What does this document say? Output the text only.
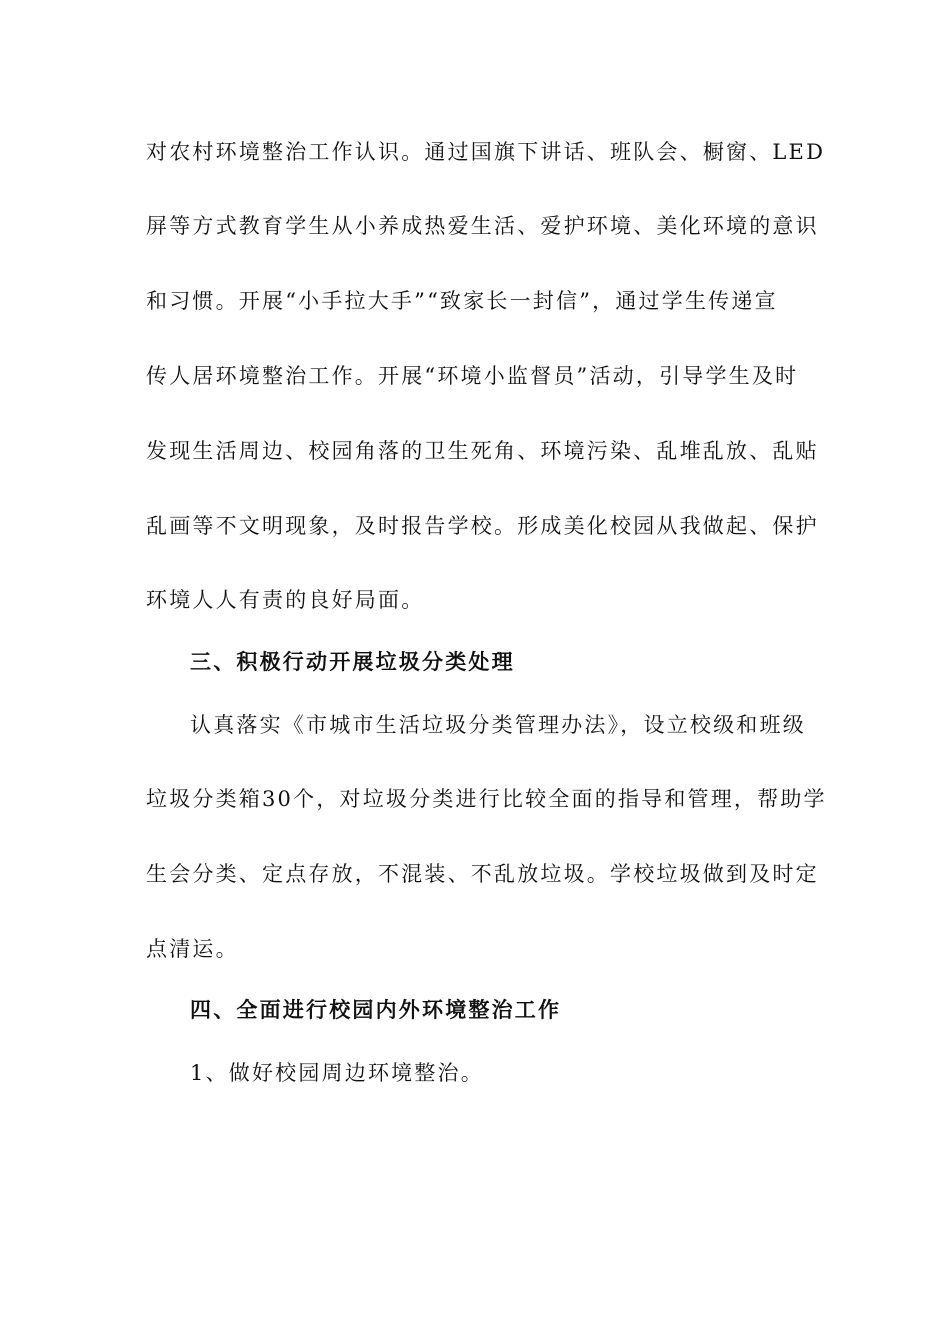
对农村环境整治工作认识。通过国旗下讲话、班队会、橱窗、LED
屏等方式教育学生从小养成热爱生活、爱护环境、美化环境的意识
和习惯。开展“小手拉大手”“致家长一封信”，通过学生传递宣
传人居环境整治工作。开展“环境小监督员”活动，引导学生及时
发现生活周边、校园角落的卫生死角、环境污染、乱堆乱放、乱贴
乱画等不文明现象，及时报告学校。形成美化校园从我做起、保护
环境人人有责的良好局面。
三、积极行动开展垃圾分类处理
认真落实《市城市生活垃圾分类管理办法》，设立校级和班级
垃圾分类箱30个，对垃圾分类进行比较全面的指导和管理，帮助学
生会分类、定点存放，不混装、不乱放垃圾。学校垃圾做到及时定
点清运。
四、全面进行校园内外环境整治工作
1、做好校园周边环境整治。
